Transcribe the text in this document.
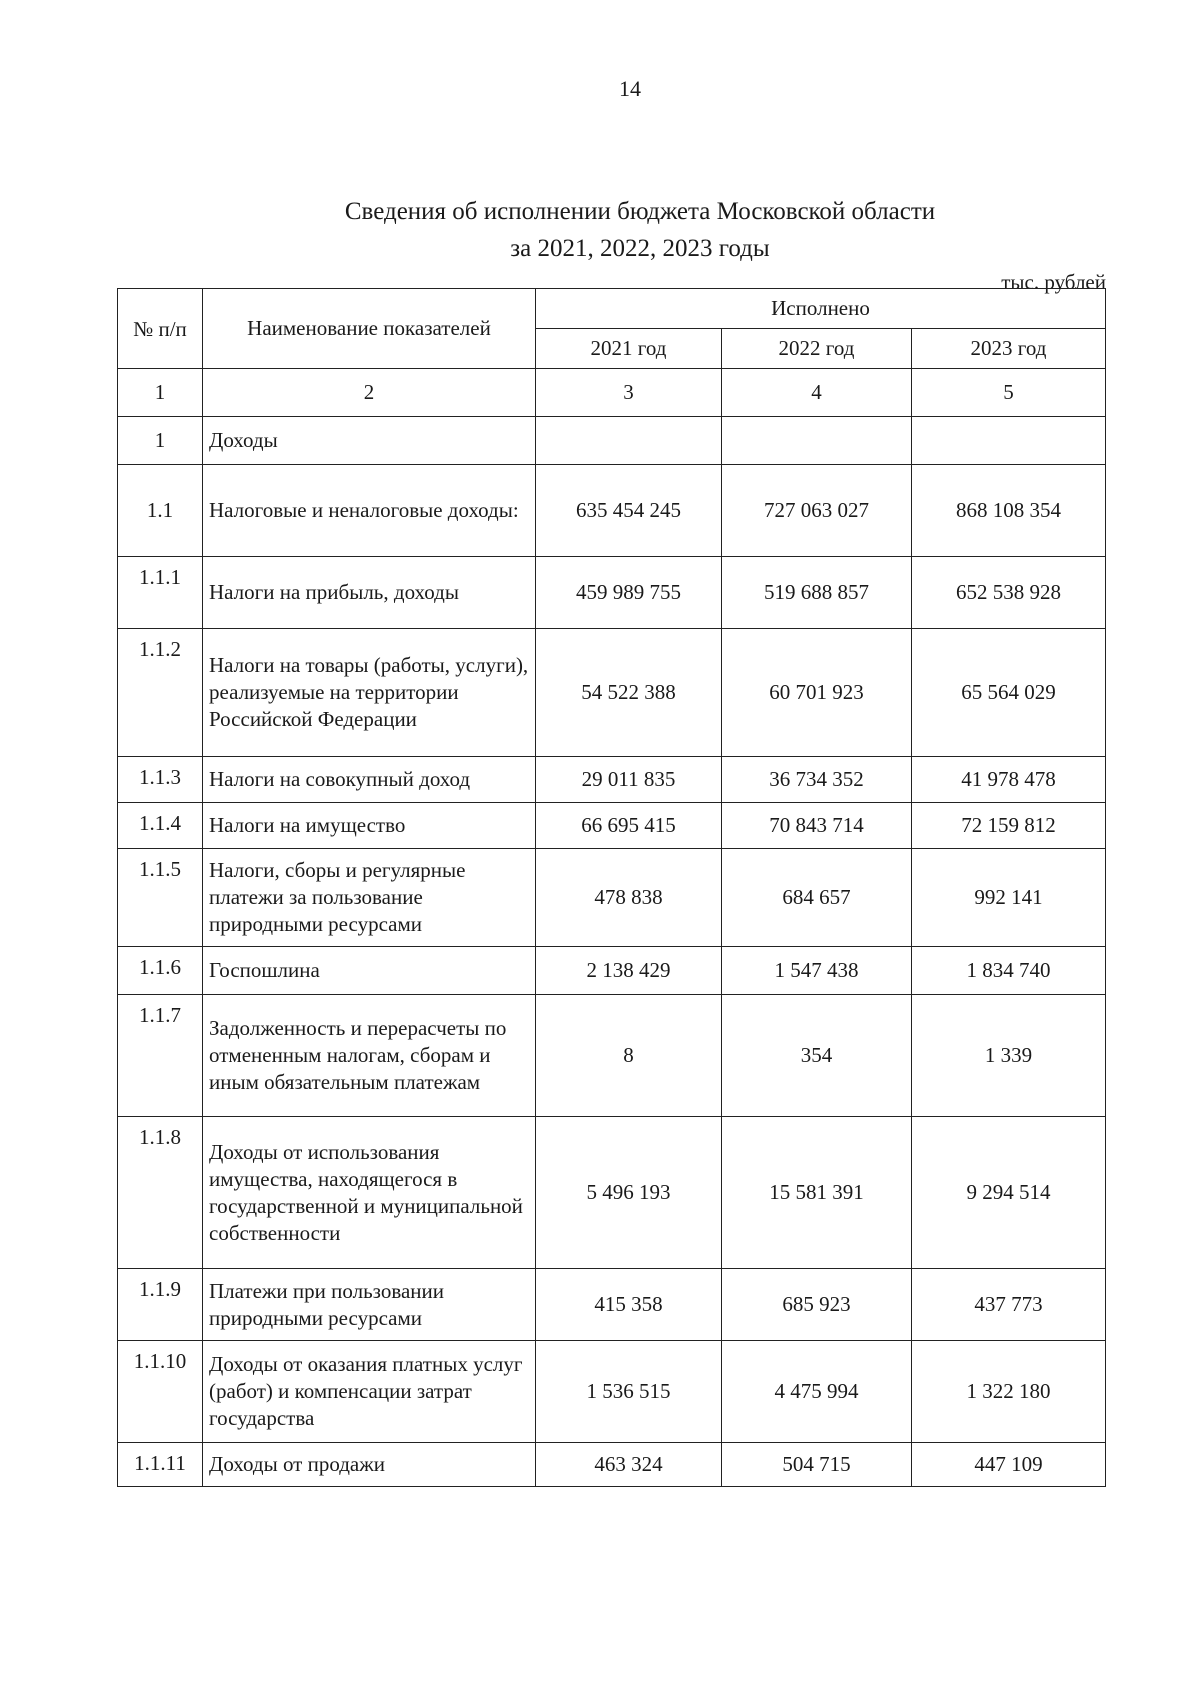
14
Сведения об исполнении бюджета Московской области
за 2021, 2022, 2023 годы
тыс. рублей
№ п/п	Наименование показателей	Исполнено		
		2021 год	2022 год	2023 год
1	2	3	4	5
1	Доходы			
1.1	Налоговые и неналоговые доходы:	635 454 245	727 063 027	868 108 354
1.1.1	Налоги на прибыль, доходы	459 989 755	519 688 857	652 538 928
1.1.2	Налоги на товары (работы, услуги), реализуемые на территории Российской Федерации	54 522 388	60 701 923	65 564 029
1.1.3	Налоги на совокупный доход	29 011 835	36 734 352	41 978 478
1.1.4	Налоги на имущество	66 695 415	70 843 714	72 159 812
1.1.5	Налоги, сборы и регулярные платежи за пользование природными ресурсами	478 838	684 657	992 141
1.1.6	Госпошлина	2 138 429	1 547 438	1 834 740
1.1.7	Задолженность и перерасчеты по отмененным налогам, сборам и иным обязательным платежам	8	354	1 339
1.1.8	Доходы от использования имущества, находящегося в государственной и муниципальной собственности	5 496 193	15 581 391	9 294 514
1.1.9	Платежи при пользовании природными ресурсами	415 358	685 923	437 773
1.1.10	Доходы от оказания платных услуг (работ) и компенсации затрат государства	1 536 515	4 475 994	1 322 180
1.1.11	Доходы от продажи	463 324	504 715	447 109
